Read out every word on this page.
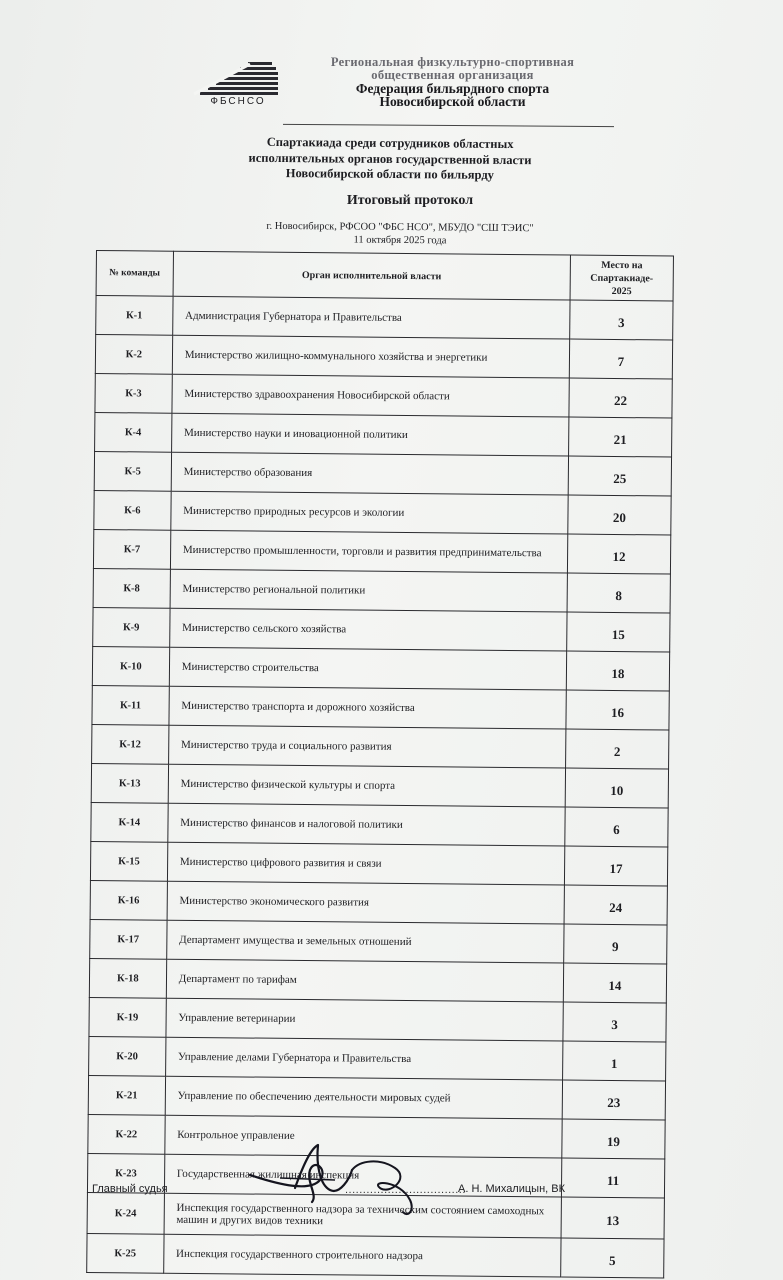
ФБСНСО
Региональная физкультурно-спортивная
общественная организация
Федерация бильярдного спорта
Новосибирской области
Спартакиада среди сотрудников областных
исполнительных органов государственной власти
Новосибирской области по бильярду
Итоговый протокол
г. Новосибирск, РФСОО "ФБС НСО", МБУДО "СШ ТЭИС"
11 октября 2025 года
№ команды	Орган исполнительной власти	Место на
Спартакиаде-
2025

К-1	Администрация Губернатора и Правительства	3
К-2	Министерство жилищно-коммунального хозяйства и энергетики	7
К-3	Министерство здравоохранения Новосибирской области	22
К-4	Министерство науки и иновационной политики	21
К-5	Министерство образования	25
К-6	Министерство природных ресурсов и экологии	20
К-7	Министерство промышленности, торговли и развития предпринимательства	12
К-8	Министерство региональной политики	8
К-9	Министерство сельского хозяйства	15
К-10	Министерство строительства	18
К-11	Министерство транспорта и дорожного хозяйства	16
К-12	Министерство труда и социального развития	2
К-13	Министерство физической культуры и спорта	10
К-14	Министерство финансов и налоговой политики	6
К-15	Министерство цифрового развития и связи	17
К-16	Министерство экономического развития	24
К-17	Департамент имущества и земельных отношений	9
К-18	Департамент по тарифам	14
К-19	Управление ветеринарии	3
К-20	Управление делами Губернатора и Правительства	1
К-21	Управление по обеспечению деятельности мировых судей	23
К-22	Контрольное управление	19
К-23	Государственная жилищная инспекция	11
К-24	Инспекция государственного надзора за техническим состоянием самоходных машин и других видов техники	13
К-25	Инспекция государственного строительного надзора	5
Главный судья	..................................
А. Н. Михалицын, ВК
